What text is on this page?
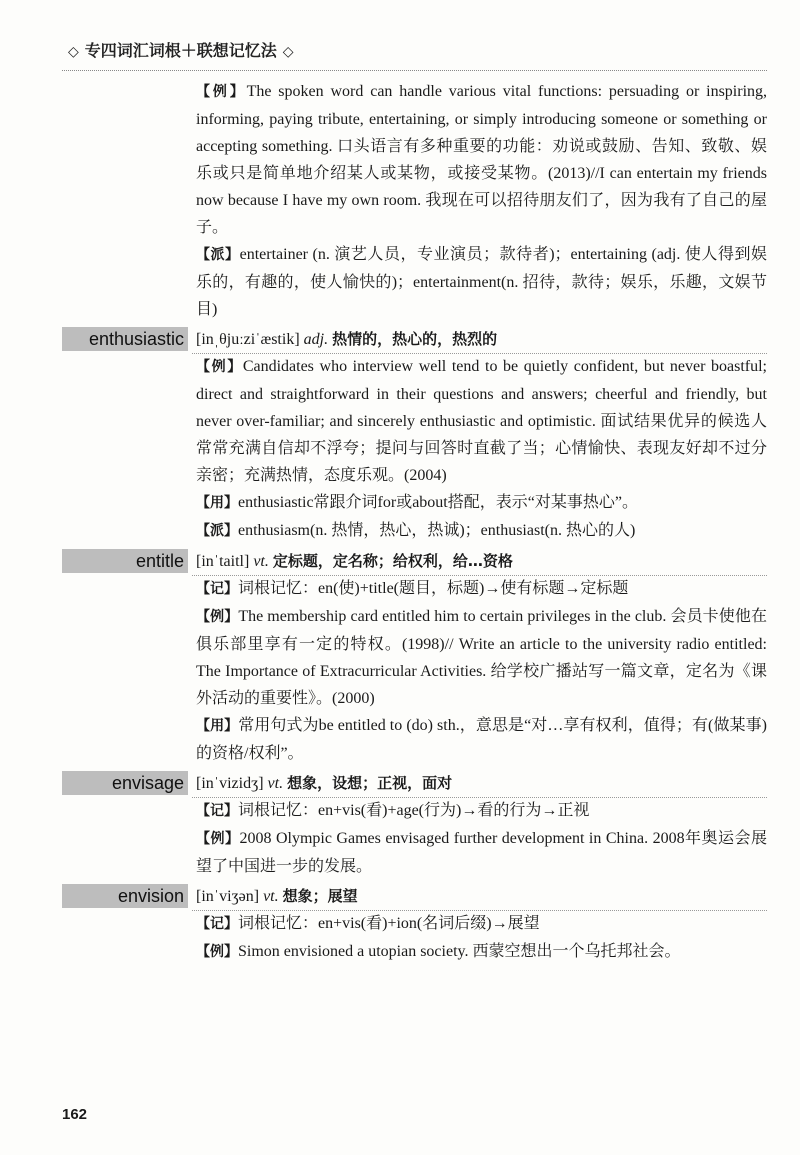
◇ 专四词汇词根＋联想记忆法 ◇

【例】The spoken word can handle various vital functions: persuading or inspiring, informing, paying tribute, entertaining, or simply introducing someone or something or accepting something. 口头语言有多种重要的功能：劝说或鼓励、告知、致敬、娱乐或只是简单地介绍某人或某物，或接受某物。(2013)//I can entertain my friends now because I have my own room. 我现在可以招待朋友们了，因为我有了自己的屋子。

【派】entertainer (n. 演艺人员，专业演员；款待者)；entertaining (adj. 使人得到娱乐的，有趣的，使人愉快的)；entertainment(n. 招待，款待；娱乐，乐趣，文娱节目)

enthusiastic [inˌθjuːziˈæstik] adj. 热情的，热心的，热烈的

【例】Candidates who interview well tend to be quietly confident, but never boastful; direct and straightforward in their questions and answers; cheerful and friendly, but never over-familiar; and sincerely enthusiastic and optimistic. 面试结果优异的候选人常常充满自信却不浮夸；提问与回答时直截了当；心情愉快、表现友好却不过分亲密；充满热情，态度乐观。(2004)

【用】enthusiastic常跟介词for或about搭配，表示“对某事热心”。

【派】enthusiasm(n. 热情，热心，热诚)；enthusiast(n. 热心的人)

entitle [inˈtaitl] vt. 定标题，定名称；给权利，给…资格

【记】词根记忆：en(使)+title(题目，标题)→使有标题→定标题

【例】The membership card entitled him to certain privileges in the club. 会员卡使他在俱乐部里享有一定的特权。(1998)// Write an article to the university radio entitled: The Importance of Extracurricular Activities. 给学校广播站写一篇文章，定名为《课外活动的重要性》。(2000)

【用】常用句式为be entitled to (do) sth.，意思是“对…享有权利，值得；有(做某事)的资格/权利”。

envisage [inˈvizidʒ] vt. 想象，设想；正视，面对

【记】词根记忆：en+vis(看)+age(行为)→看的行为→正视

【例】2008 Olympic Games envisaged further development in China. 2008年奥运会展望了中国进一步的发展。

envision [inˈviʒən] vt. 想象；展望

【记】词根记忆：en+vis(看)+ion(名词后缀)→展望

【例】Simon envisioned a utopian society. 西蒙空想出一个乌托邦社会。

162
